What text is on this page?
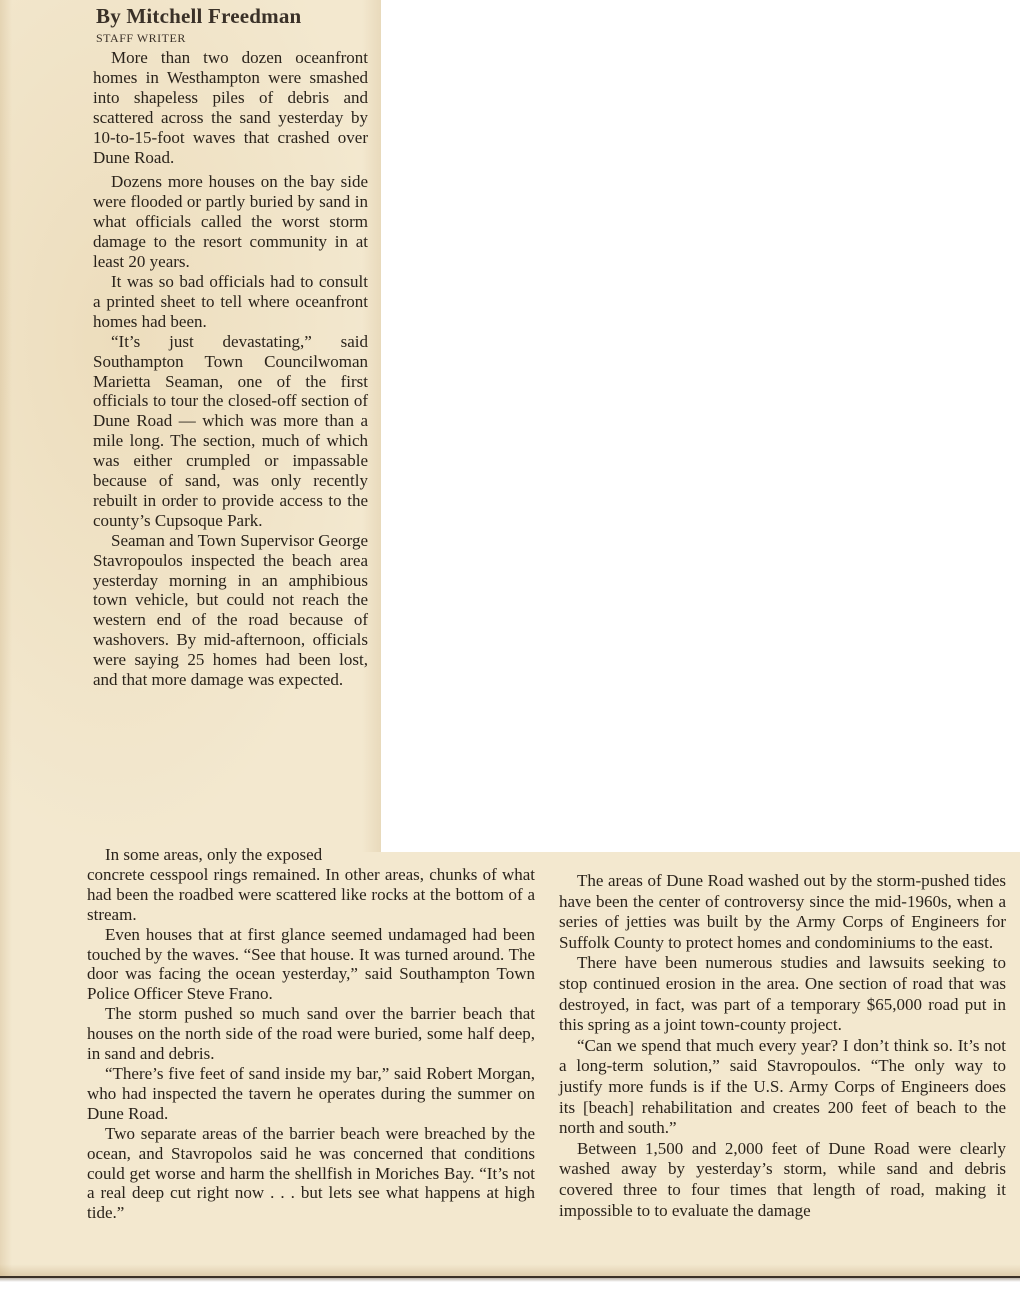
By Mitchell Freedman
STAFF WRITER

More than two dozen oceanfront homes in Westhampton were smashed into shapeless piles of debris and scattered across the sand yesterday by 10-to-15-foot waves that crashed over Dune Road.

Dozens more houses on the bay side were flooded or partly buried by sand in what officials called the worst storm damage to the resort community in at least 20 years.

It was so bad officials had to consult a printed sheet to tell where oceanfront homes had been.

“It’s just devastating,” said Southampton Town Councilwoman Marietta Seaman, one of the first officials to tour the closed-off section of Dune Road — which was more than a mile long. The section, much of which was either crumpled or impassable because of sand, was only recently rebuilt in order to provide access to the county’s Cupsoque Park.

Seaman and Town Supervisor George Stavropoulos inspected the beach area yesterday morning in an amphibious town vehicle, but could not reach the western end of the road because of washovers. By mid-afternoon, officials were saying 25 homes had been lost, and that more damage was expected.

In some areas, only the exposed

concrete cesspool rings remained. In other areas, chunks of what had been the roadbed were scattered like rocks at the bottom of a stream.

Even houses that at first glance seemed undamaged had been touched by the waves. “See that house. It was turned around. The door was facing the ocean yesterday,” said Southampton Town Police Officer Steve Frano.

The storm pushed so much sand over the barrier beach that houses on the north side of the road were buried, some half deep, in sand and debris.

“There’s five feet of sand inside my bar,” said Robert Morgan, who had inspected the tavern he operates during the summer on Dune Road.

Two separate areas of the barrier beach were breached by the ocean, and Stavropolos said he was concerned that conditions could get worse and harm the shellfish in Moriches Bay. “It’s not a real deep cut right now . . . but lets see what happens at high tide.”

The areas of Dune Road washed out by the storm-pushed tides have been the center of controversy since the mid-1960s, when a series of jetties was built by the Army Corps of Engineers for Suffolk County to protect homes and condominiums to the east.

There have been numerous studies and lawsuits seeking to stop continued erosion in the area. One section of road that was destroyed, in fact, was part of a temporary $65,000 road put in this spring as a joint town-county project.

“Can we spend that much every year? I don’t think so. It’s not a long-term solution,” said Stavropoulos. “The only way to justify more funds is if the U.S. Army Corps of Engineers does its [beach] rehabilitation and creates 200 feet of beach to the north and south.”

Between 1,500 and 2,000 feet of Dune Road were clearly washed away by yesterday’s storm, while sand and debris covered three to four times that length of road, making it impossible to to evaluate the damage
